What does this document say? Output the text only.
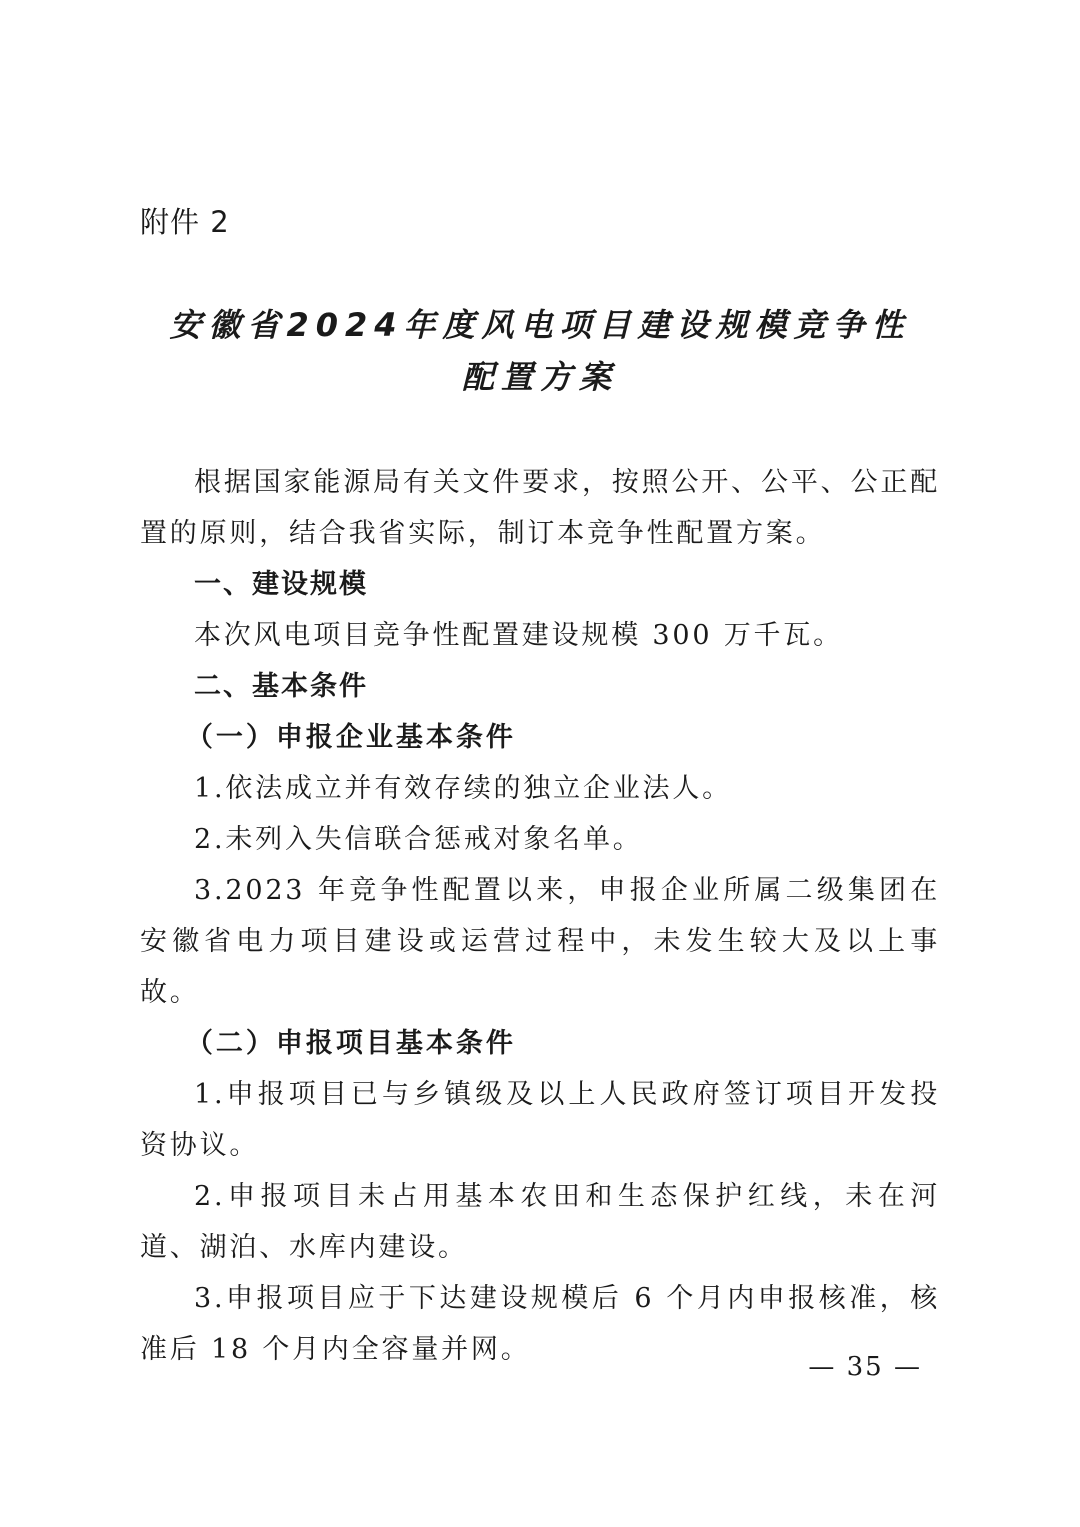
附件 2
安徽省2024年度风电项目建设规模竞争性
配置方案

根据国家能源局有关文件要求，按照公开、公平、公正配置的原则，结合我省实际，制订本竞争性配置方案。

一、建设规模

本次风电项目竞争性配置建设规模 300 万千瓦。

二、基本条件

（一）申报企业基本条件

1.依法成立并有效存续的独立企业法人。

2.未列入失信联合惩戒对象名单。

3.2023 年竞争性配置以来，申报企业所属二级集团在安徽省电力项目建设或运营过程中，未发生较大及以上事故。

（二）申报项目基本条件

1.申报项目已与乡镇级及以上人民政府签订项目开发投资协议。

2.申报项目未占用基本农田和生态保护红线，未在河道、湖泊、水库内建设。

3.申报项目应于下达建设规模后 6 个月内申报核准，核准后 18 个月内全容量并网。

— 35 —
